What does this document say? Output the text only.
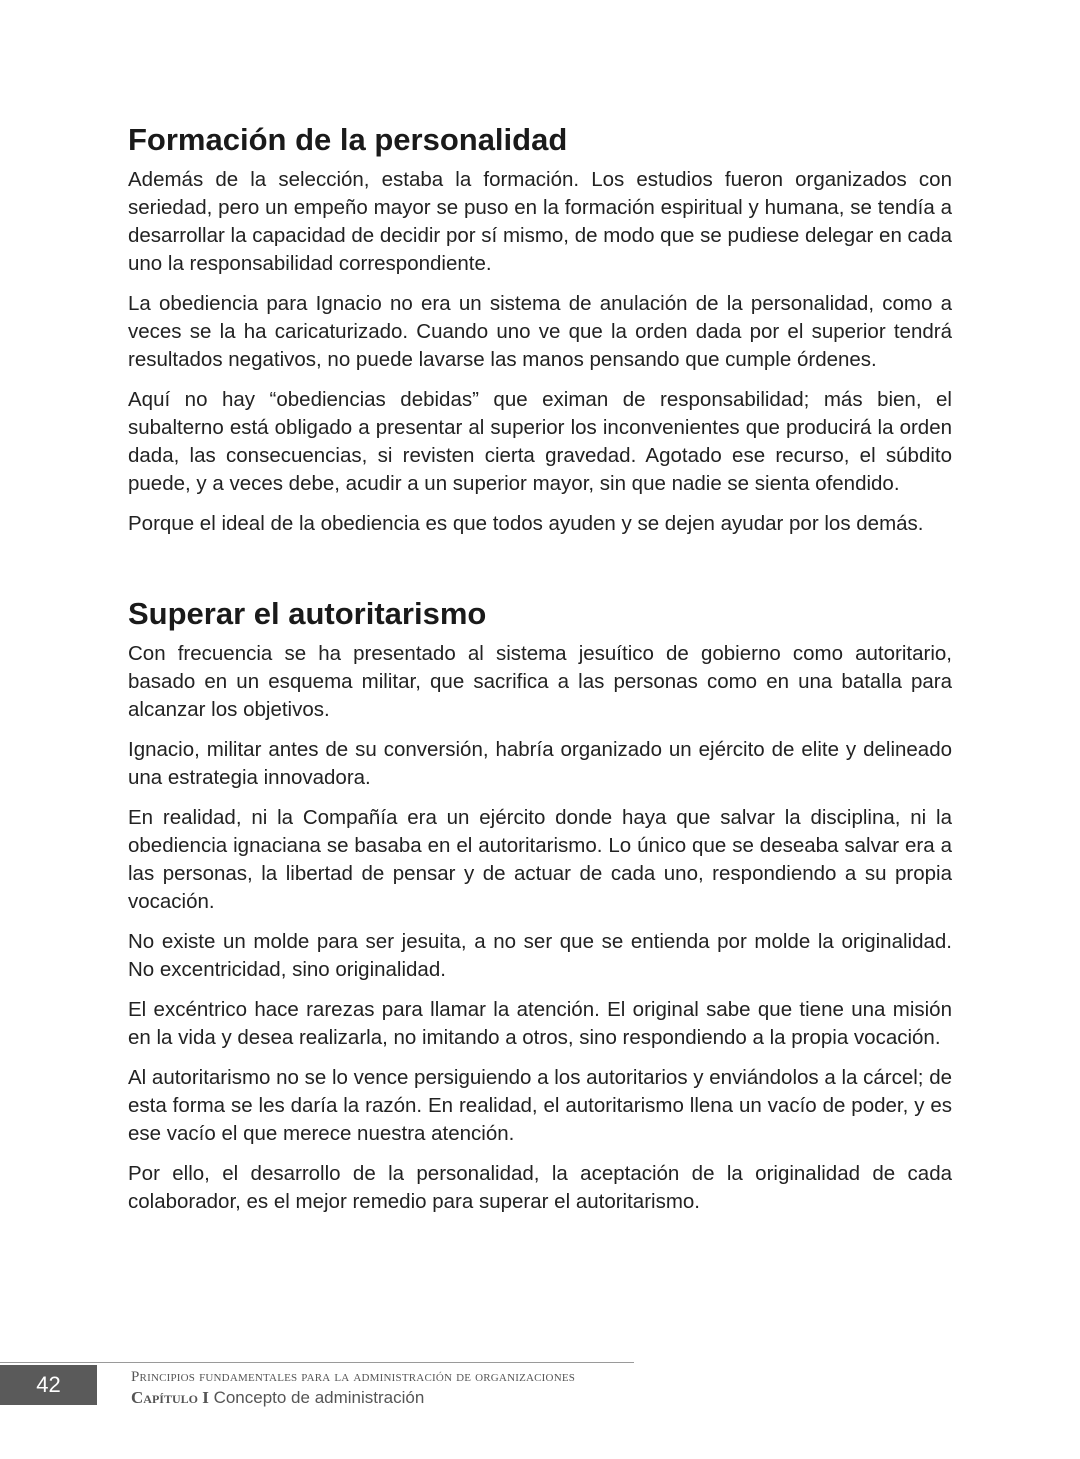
Formación de la personalidad

Además de la selección, estaba la formación. Los estudios fueron organizados con seriedad, pero un empeño mayor se puso en la formación espiritual y humana, se tendía a desarrollar la capacidad de decidir por sí mismo, de modo que se pudiese delegar en cada uno la responsabilidad correspondiente.

La obediencia para Ignacio no era un sistema de anulación de la personalidad, como a veces se la ha caricaturizado. Cuando uno ve que la orden dada por el superior tendrá resultados negativos, no puede lavarse las manos pensando que cumple órdenes.

Aquí no hay “obediencias debidas” que eximan de responsabilidad; más bien, el subalterno está obligado a presentar al superior los inconvenientes que producirá la orden dada, las consecuencias, si revisten cierta gravedad. Agotado ese recurso, el súbdito puede, y a veces debe, acudir a un superior mayor, sin que nadie se sienta ofendido.

Porque el ideal de la obediencia es que todos ayuden y se dejen ayudar por los demás.

Superar el autoritarismo

Con frecuencia se ha presentado al sistema jesuítico de gobierno como autoritario, basado en un esquema militar, que sacrifica a las personas como en una batalla para alcanzar los objetivos.

Ignacio, militar antes de su conversión, habría organizado un ejército de elite y delineado una estrategia innovadora.

En realidad, ni la Compañía era un ejército donde haya que salvar la disciplina, ni la obediencia ignaciana se basaba en el autoritarismo. Lo único que se deseaba salvar era a las personas, la libertad de pensar y de actuar de cada uno, respondiendo a su propia vocación.

No existe un molde para ser jesuita, a no ser que se entienda por molde la originalidad. No excentricidad, sino originalidad.

El excéntrico hace rarezas para llamar la atención. El original sabe que tiene una misión en la vida y desea realizarla, no imitando a otros, sino respondiendo a la propia vocación.

Al autoritarismo no se lo vence persiguiendo a los autoritarios y enviándolos a la cárcel; de esta forma se les daría la razón. En realidad, el autoritarismo llena un vacío de poder, y es ese vacío el que merece nuestra atención.

Por ello, el desarrollo de la personalidad, la aceptación de la originalidad de cada colaborador, es el mejor remedio para superar el autoritarismo.

42	Principios fundamentales para la administración de organizaciones
Capítulo I Concepto de administración
